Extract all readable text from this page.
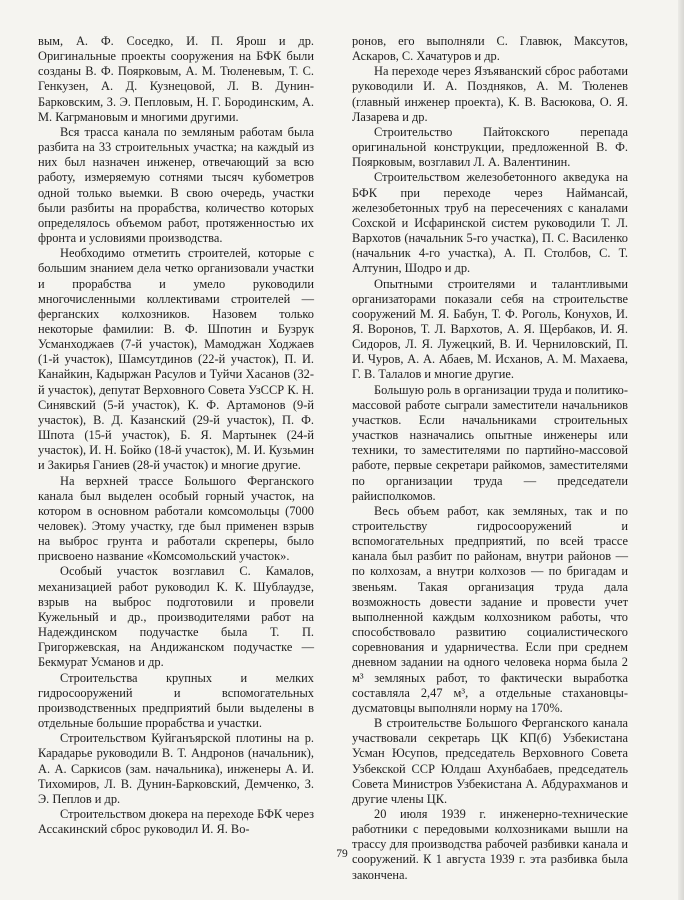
вым, А. Ф. Соседко, И. П. Ярош и др. Оригинальные проекты сооружения на БФК были созданы В. Ф. Поярковым, А. М. Тюленевым, Т. С. Генкузен, А. Д. Кузнецовой, Л. В. Дунин-Барковским, З. Э. Пепловым, Н. Г. Бородинским, А. М. Кагрмановым и многими другими.

Вся трасса канала по земляным работам была разбита на 33 строительных участка; на каждый из них был назначен инженер, отвечающий за всю работу, измеряемую сотнями тысяч кубометров одной только выемки. В свою очередь, участки были разбиты на прорабства, количество которых определялось объемом работ, протяженностью их фронта и условиями производства.

Необходимо отметить строителей, которые с большим знанием дела четко организовали участки и прорабства и умело руководили многочисленными коллективами строителей — ферганских колхозников. Назовем только некоторые фамилии: В. Ф. Шпотин и Бузрук Усманходжаев (7-й участок), Мамоджан Ходжаев (1-й участок), Шамсутдинов (22-й участок), П. И. Канайкин, Кадыржан Расулов и Туйчи Хасанов (32-й участок), депутат Верховного Совета УзССР К. Н. Синявский (5-й участок), К. Ф. Артамонов (9-й участок), В. Д. Казанский (29-й участок), П. Ф. Шпота (15-й участок), Б. Я. Мартынек (24-й участок), И. Н. Бойко (18-й участок), М. И. Кузьмин и Закирья Ганиев (28-й участок) и многие другие.

На верхней трассе Большого Ферганского канала был выделен особый горный участок, на котором в основном работали комсомольцы (7000 человек). Этому участку, где был применен взрыв на выброс грунта и работали скреперы, было присвоено название «Комсомольский участок».

Особый участок возглавил С. Камалов, механизацией работ руководил К. К. Шублаудзе, взрыв на выброс подготовили и провели Кужельный и др., производителями работ на Надеждинском подучастке была Т. П. Григоржевская, на Андижанском подучастке — Бекмурат Усманов и др.

Строительства крупных и мелких гидросооружений и вспомогательных производственных предприятий были выделены в отдельные большие прорабства и участки.

Строительством Куйганъярской плотины на р. Карадарье руководили В. Т. Андронов (начальник), А. А. Саркисов (зам. начальника), инженеры А. И. Тихомиров, Л. В. Дунин-Барковский, Демченко, З. Э. Пеплов и др.

Строительством дюкера на переходе БФК через Ассакинский сброс руководил И. Я. Во-

ронов, его выполняли С. Главюк, Максутов, Аскаров, С. Хачатуров и др.

На переходе через Язъяванский сброс работами руководили И. А. Поздняков, А. М. Тюленев (главный инженер проекта), К. В. Васюкова, О. Я. Лазарева и др.

Строительство Пайтокского перепада оригинальной конструкции, предложенной В. Ф. Поярковым, возглавил Л. А. Валентинин.

Строительством железобетонного акведука на БФК при переходе через Наймансай, железобетонных труб на пересечениях с каналами Сохской и Исфаринской систем руководили Т. Л. Вархотов (начальник 5-го участка), П. С. Василенко (начальник 4-го участка), А. П. Столбов, С. Т. Алтунин, Шодро и др.

Опытными строителями и талантливыми организаторами показали себя на строительстве сооружений М. Я. Бабун, Т. Ф. Роголь, Конухов, И. Я. Воронов, Т. Л. Вархотов, А. Я. Щербаков, И. Я. Сидоров, Л. Я. Лужецкий, В. И. Черниловский, П. И. Чуров, А. А. Абаев, М. Исханов, А. М. Махаева, Г. В. Талалов и многие другие.

Большую роль в организации труда и политико-массовой работе сыграли заместители начальников участков. Если начальниками строительных участков назначались опытные инженеры или техники, то заместителями по партийно-массовой работе, первые секретари райкомов, заместителями по организации труда — председатели райисполкомов.

Весь объем работ, как земляных, так и по строительству гидросооружений и вспомогательных предприятий, по всей трассе канала был разбит по районам, внутри районов — по колхозам, а внутри колхозов — по бригадам и звеньям. Такая организация труда дала возможность довести задание и провести учет выполненной каждым колхозником работы, что способствовало развитию социалистического соревнования и ударничества. Если при среднем дневном задании на одного человека норма была 2 м³ земляных работ, то фактически выработка составляла 2,47 м³, а отдельные стахановцы-дусматовцы выполняли норму на 170%.

В строительстве Большого Ферганского канала участвовали секретарь ЦК КП(б) Узбекистана Усман Юсупов, председатель Верховного Совета Узбекской ССР Юлдаш Ахунбабаев, председатель Совета Министров Узбекистана А. Абдурахманов и другие члены ЦК.

20 июля 1939 г. инженерно-технические работники с передовыми колхозниками вышли на трассу для производства рабочей разбивки канала и сооружений. К 1 августа 1939 г. эта разбивка была закончена.

79
